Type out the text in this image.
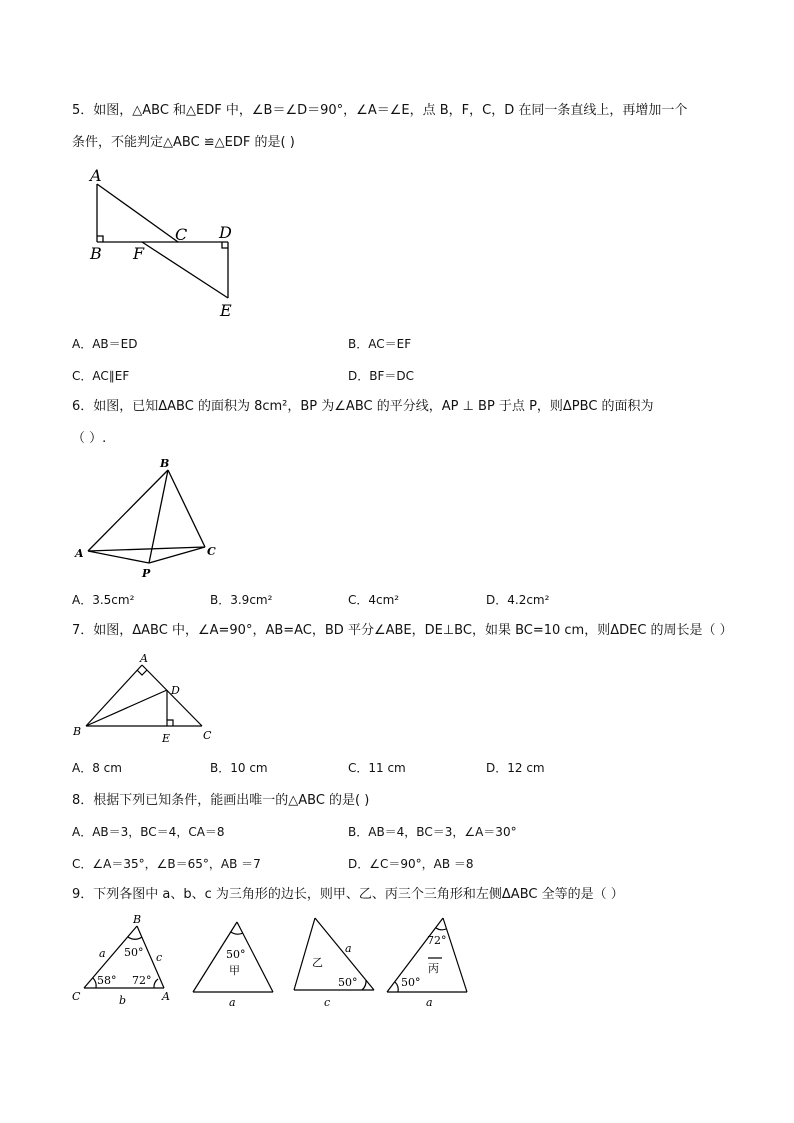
5．如图，△ABC 和△EDF 中，∠B＝∠D＝90°，∠A＝∠E，点 B，F，C，D 在同一条直线上，再增加一个
条件，不能判定△ABC ≌△EDF 的是( )
A
B
C D
E
F
A．AB＝ED	B．AC＝EF
C．AC∥EF	D．BF＝DC
6．如图，已知ΔABC 的面积为 8cm²，BP 为∠ABC 的平分线，AP ⊥ BP 于点 P，则ΔPBC 的面积为
（ ）.
B
A	C
P
A．3.5cm²	B．3.9cm²	C．4cm²	D．4.2cm²
7．如图，ΔABC 中，∠A=90°，AB=AC，BD 平分∠ABE，DE⊥BC，如果 BC=10 cm，则ΔDEC 的周长是（ ）
A
B	C
D
E
A．8 cm	B．10 cm	C．11 cm	D．12 cm
8．根据下列已知条件，能画出唯一的△ABC 的是( )
A．AB＝3，BC＝4，CA＝8	B．AB＝4，BC＝3，∠A＝30°
C．∠A＝35°，∠B＝65°，AB ＝7	D．∠C＝90°，AB ＝8
9．下列各图中 a、b、c 为三角形的边长，则甲、乙、丙三个三角形和左侧ΔABC 全等的是（ ）
B
C	A
a
b
c
50°
58° 72°
50°
甲
a
乙
a
50°
c
72°
丙
50°
a
